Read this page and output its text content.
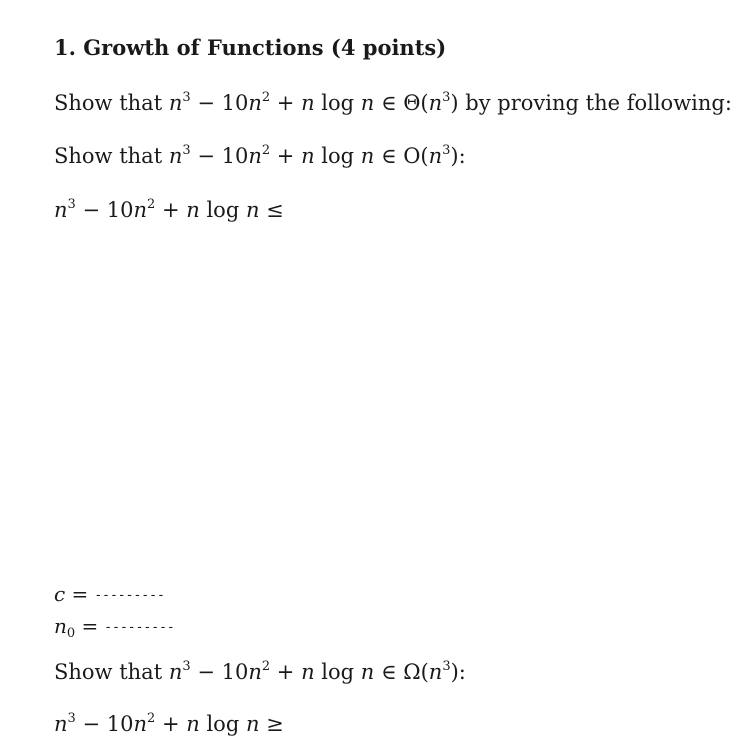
1. Growth of Functions (4 points)
Show that $n^3 - 10n^2 + n$ log n ∈ $\Theta(n^3)$ by proving the following:
Show that $n^3 - 10n^2 + n$ log n ∈ $O(n^3)$:
$n^3 - 10n^2 + n$ log n ≤
c = ---------
$n_0$ = ---------
Show that $n^3 - 10n^2 + n$ log n ∈ $\Omega(n^3)$:
$n^3 - 10n^2 + n$ log n ≥
